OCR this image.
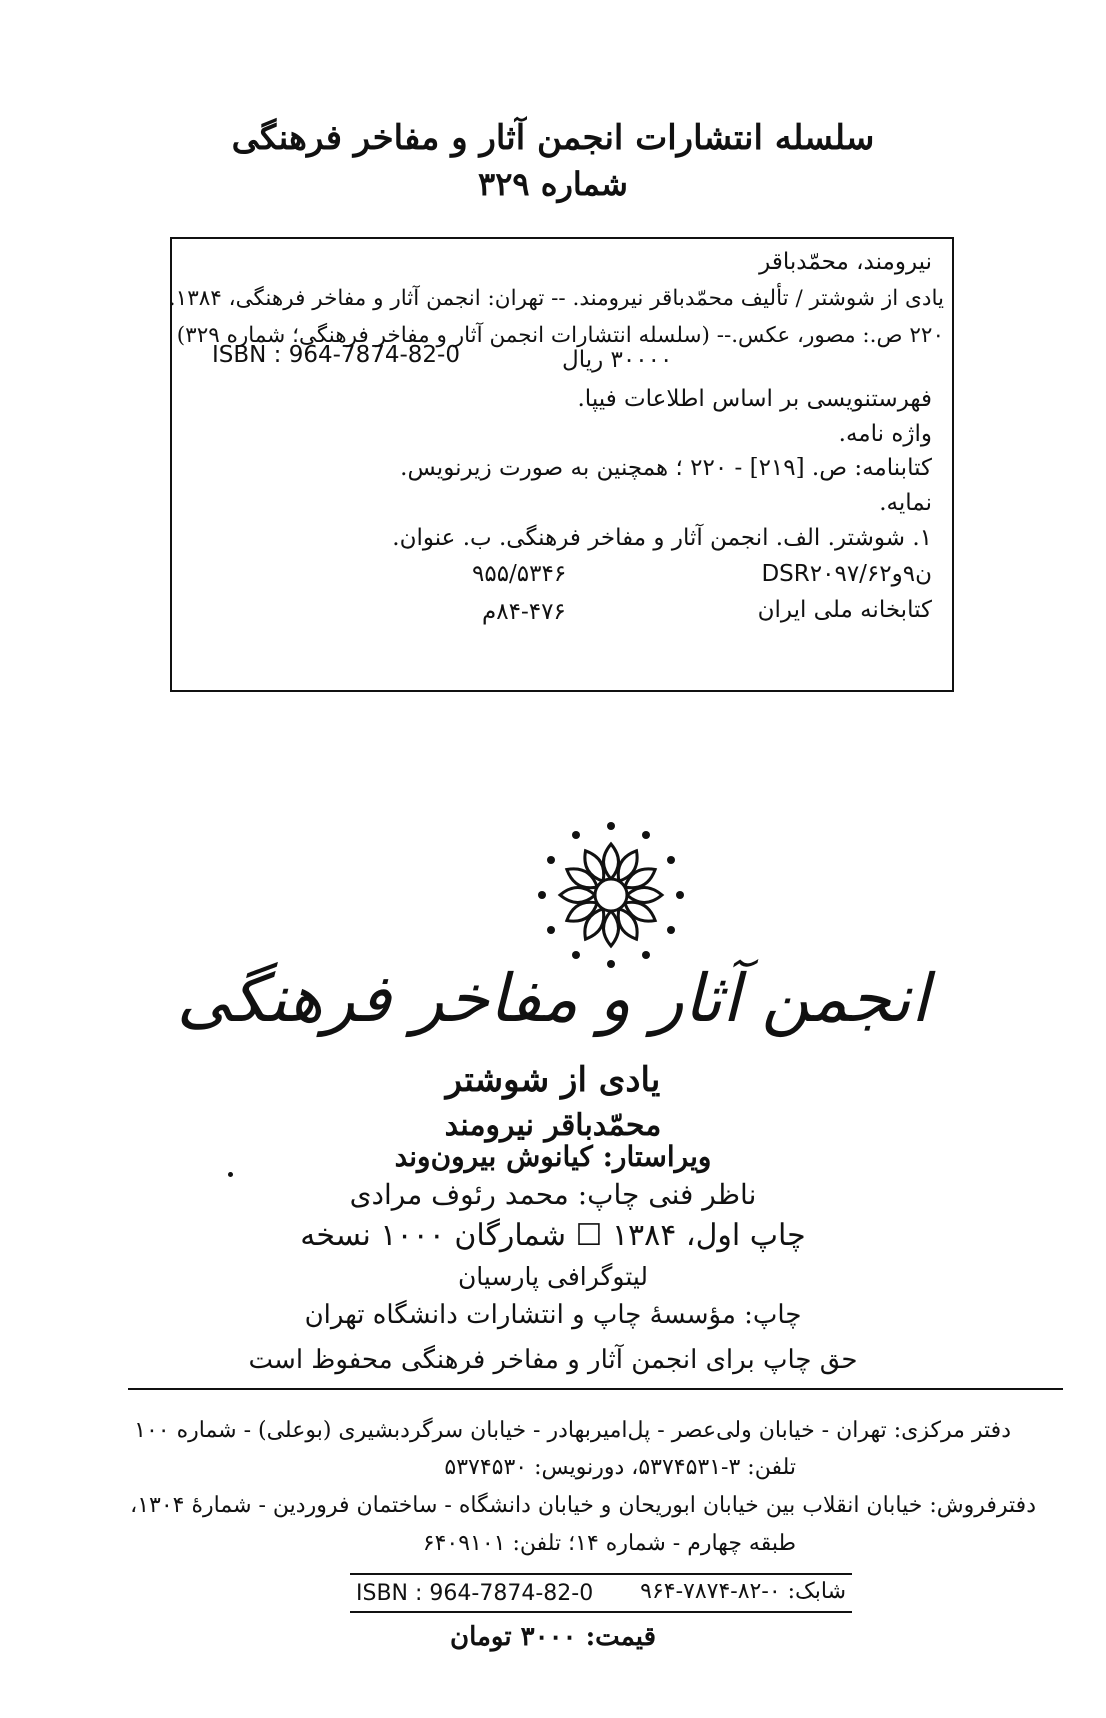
سلسله انتشارات انجمن آثار و مفاخر فرهنگی
شماره ۳۲۹
نیرومند، محمّدباقر
یادی از شوشتر / تألیف محمّدباقر نیرومند. -- تهران: انجمن آثار و مفاخر فرهنگی، ۱۳۸۴.
۲۲۰ ص.: مصور، عکس.-- (سلسله انتشارات انجمن آثار و مفاخر فرهنگی؛ شماره ۳۲۹)
ISBN : 964-7874-82-0	۳۰۰۰۰ ریال
فهرستنویسی بر اساس اطلاعات فیپا.
واژه نامه.
کتابنامه: ص. [۲۱۹] - ۲۲۰ ؛ همچنین به صورت زیرنویس.
نمایه.
۱. شوشتر. الف. انجمن آثار و مفاخر فرهنگی. ب. عنوان.
DSR۲۰۹۷/۶۲ن۹و
۹۵۵/۵۳۴۶
کتابخانه ملی ایران
۸۴-۴۷۶م
انجمن آثار و مفاخر فرهنگی
یادی از شوشتر
محمّدباقر نیرومند
ویراستار: کیانوش بیرون‌وند
ناظر فنی چاپ: محمد رئوف مرادی
چاپ اول، ۱۳۸۴ ☐ شمارگان ۱۰۰۰ نسخه
لیتوگرافی پارسیان
چاپ: مؤسسهٔ چاپ و انتشارات دانشگاه تهران
حق چاپ برای انجمن آثار و مفاخر فرهنگی محفوظ است
دفتر مرکزی: تهران - خیابان ولی‌عصر - پل‌امیربهادر - خیابان سرگردبشیری (بوعلی) - شماره ۱۰۰
تلفن: ۳-۵۳۷۴۵۳۱، دورنویس: ۵۳۷۴۵۳۰
دفترفروش: خیابان انقلاب بین خیابان ابوریحان و خیابان دانشگاه - ساختمان فروردین - شمارهٔ ۱۳۰۴،
طبقه چهارم - شماره ۱۴؛ تلفن: ۶۴۰۹۱۰۱
ISBN : 964-7874-82-0 شابک: ۰-۸۲-۷۸۷۴-۹۶۴
قیمت: ۳۰۰۰ تومان
